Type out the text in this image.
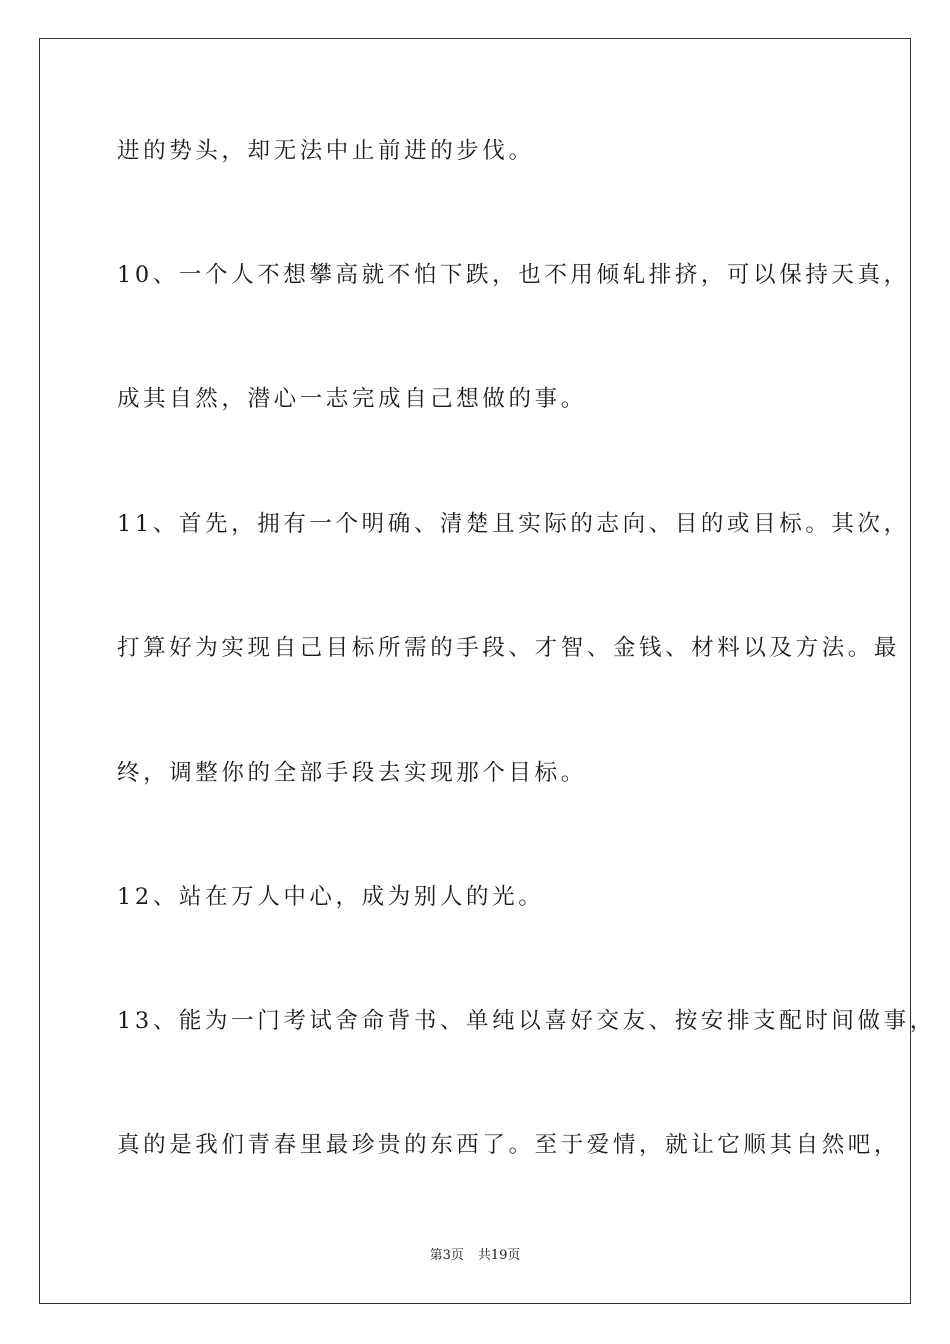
进的势头，却无法中止前进的步伐。
10、一个人不想攀高就不怕下跌，也不用倾轧排挤，可以保持天真，
成其自然，潜心一志完成自己想做的事。
11、首先，拥有一个明确、清楚且实际的志向、目的或目标。其次，
打算好为实现自己目标所需的手段、才智、金钱、材料以及方法。最
终，调整你的全部手段去实现那个目标。
12、站在万人中心，成为别人的光。
13、能为一门考试舍命背书、单纯以喜好交友、按安排支配时间做事，
真的是我们青春里最珍贵的东西了。至于爱情，就让它顺其自然吧，
第3页 共19页
